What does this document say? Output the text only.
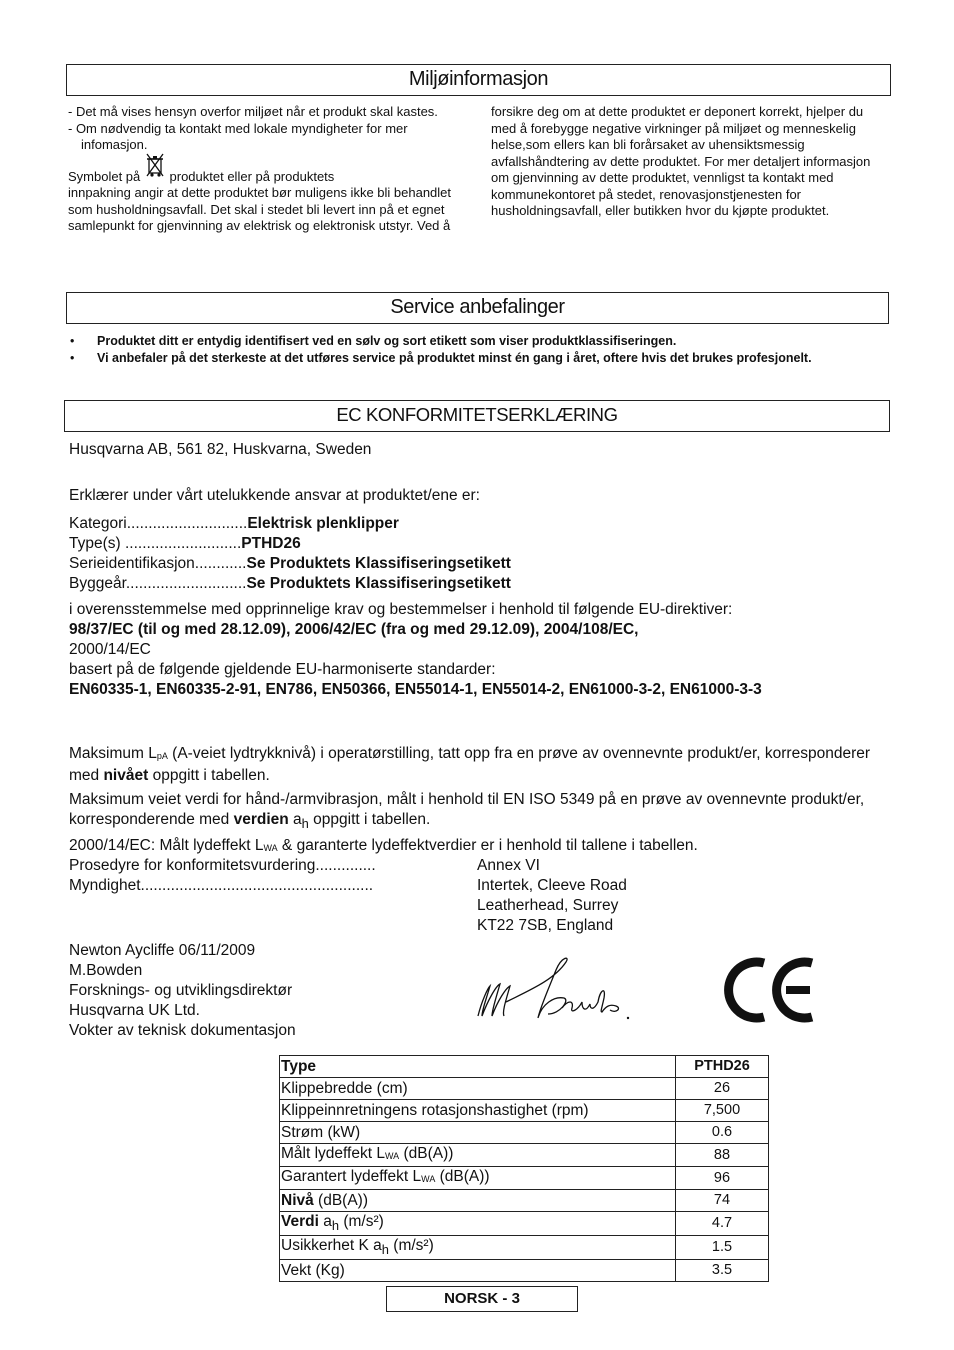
Miljøinformasjon

- Det må vises hensyn overfor miljøet når et produkt skal kastes.

- Om nødvendig ta kontakt med lokale myndigheter for mer infomasjon.

Symbolet på produktet eller på produktets

innpakning angir at dette produktet bør muligens ikke bli behandlet som husholdningsavfall. Det skal i stedet bli levert inn på et egnet samlepunkt for gjenvinning av elektrisk og elektronisk utstyr. Ved å

forsikre deg om at dette produktet er deponert korrekt, hjelper du med å forebygge negative virkninger på miljøet og menneskelig helse,som ellers kan bli forårsaket av uhensiktsmessig avfallshåndtering av dette produktet. For mer detaljert informasjon om gjenvinning av dette produktet, vennligst ta kontakt med kommunekontoret på stedet, renovasjonstjenesten for husholdningsavfall, eller butikken hvor du kjøpte produktet.

Service anbefalinger
• Produktet ditt er entydig identifisert ved en sølv og sort etikett som viser produktklassifiseringen.
• Vi anbefaler på det sterkeste at det utføres service på produktet minst én gang i året, oftere hvis det brukes profesjonelt.
EC KONFORMITETSERKLÆRING
Husqvarna AB, 561 82, Huskvarna, Sweden
Erklærer under vårt utelukkende ansvar at produktet/ene er:
Kategori............................Elektrisk plenklipper
Type(s) ...........................PTHD26
Serieidentifikasjon............Se Produktets Klassifiseringsetikett
Byggeår............................Se Produktets Klassifiseringsetikett
i overensstemmelse med opprinnelige krav og bestemmelser i henhold til følgende EU-direktiver:
98/37/EC (til og med 28.12.09), 2006/42/EC (fra og med 29.12.09), 2004/108/EC,
2000/14/EC
basert på de følgende gjeldende EU-harmoniserte standarder:
EN60335-1, EN60335-2-91, EN786, EN50366, EN55014-1, EN55014-2, EN61000-3-2, EN61000-3-3
Maksimum $L_{pA}$ (A-veiet lydtrykknivå) i operatørstilling, tatt opp fra en prøve av ovennevnte produkt/er, korresponderer med nivået oppgitt i tabellen.
Maksimum veiet verdi for hånd-/armvibrasjon, målt i henhold til EN ISO 5349 på en prøve av ovennevnte produkt/er, korresponderende med verdien $a_h$ oppgitt i tabellen.
2000/14/EC: Målt lydeffekt $L_{WA}$ & garanterte lydeffektverdier er i henhold til tallene i tabellen.
Prosedyre for konformitetsvurdering..............	Annex VI
Myndighet......................................................	Intertek, Cleeve Road
Leatherhead, Surrey
KT22 7SB, England
Newton Aycliffe 06/11/2009
M.Bowden
Forsknings- og utviklingsdirektør
Husqvarna UK Ltd.
Vokter av teknisk dokumentasjon
Type	PTHD26
Klippebredde (cm)	26
Klippeinnretningens rotasjonshastighet (rpm)	7,500
Strøm (kW)	0.6
Målt lydeffekt $L_{WA}$ (dB(A))	88
Garantert lydeffekt $L_{WA}$ (dB(A))	96
Nivå (dB(A))	74
Verdi $a_h$ (m/s²)	4.7
Usikkerhet K $a_h$ (m/s²)	1.5
Vekt (Kg)	3.5
NORSK - 3
